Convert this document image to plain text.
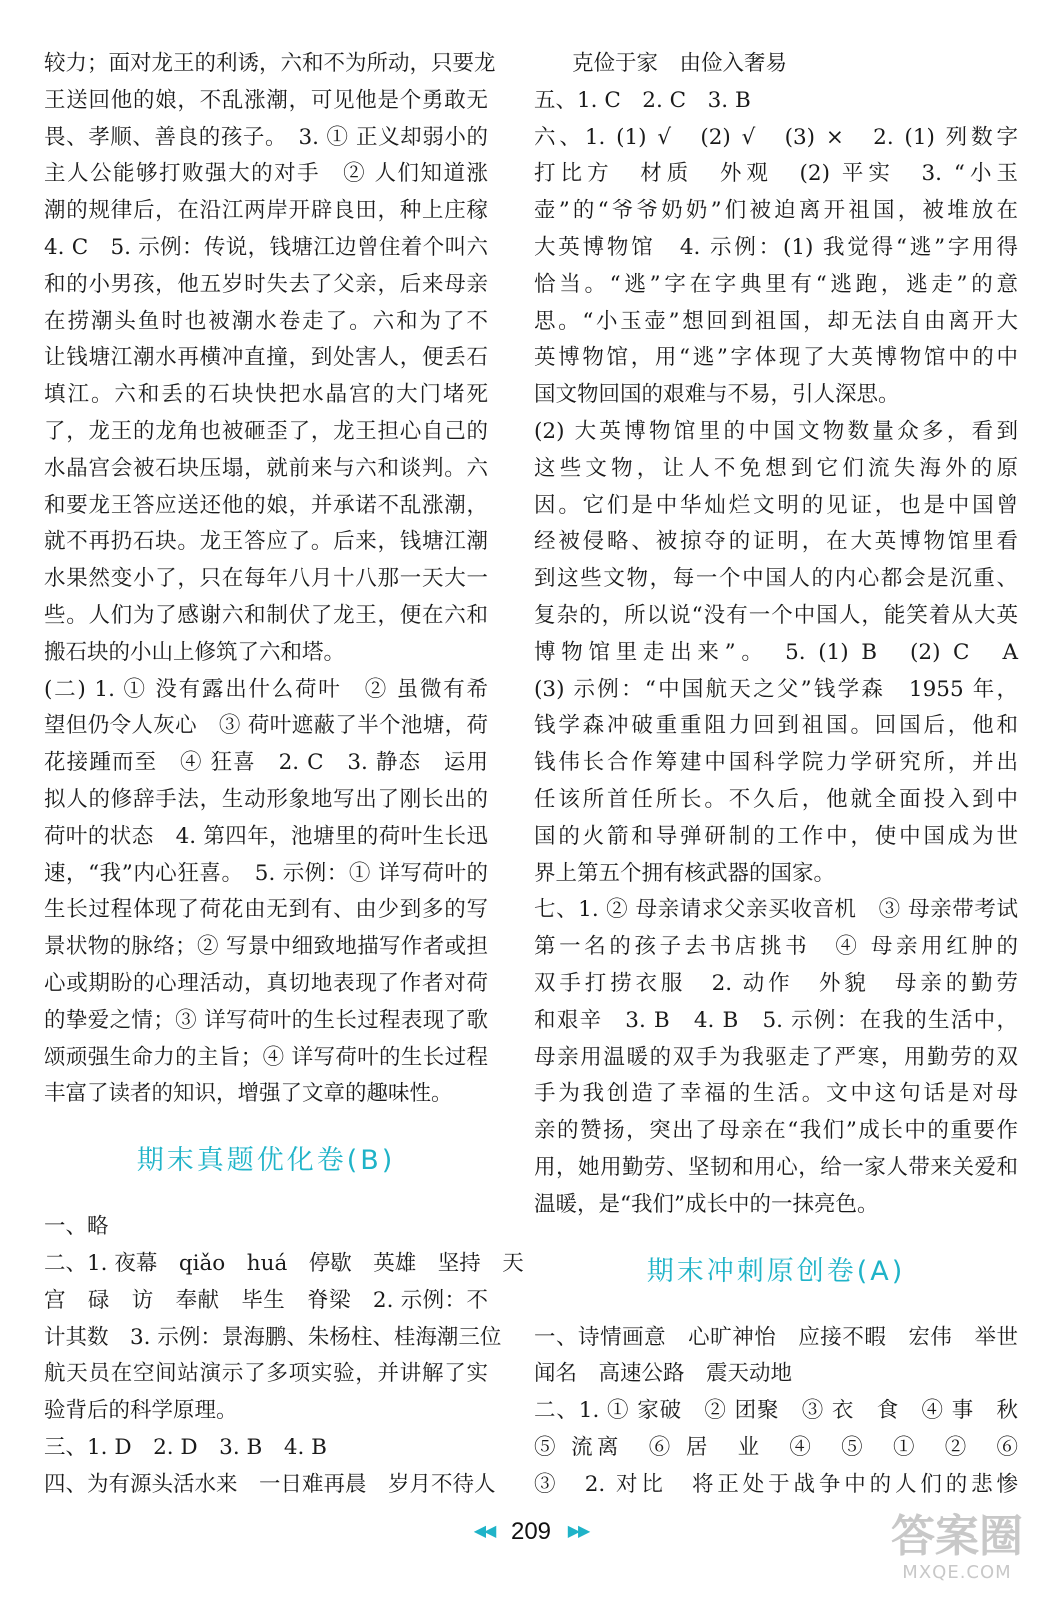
较力；面对龙王的利诱，六和不为所动，只要龙
王送回他的娘，不乱涨潮，可见他是个勇敢无
畏、孝顺、善良的孩子。　3. ① 正义却弱小的
主人公能够打败强大的对手　② 人们知道涨
潮的规律后，在沿江两岸开辟良田，种上庄稼
4. C　5. 示例：传说，钱塘江边曾住着个叫六
和的小男孩，他五岁时失去了父亲，后来母亲
在捞潮头鱼时也被潮水卷走了。六和为了不
让钱塘江潮水再横冲直撞，到处害人，便丢石
填江。六和丢的石块快把水晶宫的大门堵死
了，龙王的龙角也被砸歪了，龙王担心自己的
水晶宫会被石块压塌，就前来与六和谈判。六
和要龙王答应送还他的娘，并承诺不乱涨潮，
就不再扔石块。龙王答应了。后来，钱塘江潮
水果然变小了，只在每年八月十八那一天大一
些。人们为了感谢六和制伏了龙王，便在六和
搬石块的小山上修筑了六和塔。
(二) 1. ① 没有露出什么荷叶　② 虽微有希
望但仍令人灰心　③ 荷叶遮蔽了半个池塘，荷
花接踵而至　④ 狂喜　2. C　3. 静态　运用
拟人的修辞手法，生动形象地写出了刚长出的
荷叶的状态　4. 第四年，池塘里的荷叶生长迅
速，“我”内心狂喜。　5. 示例：① 详写荷叶的
生长过程体现了荷花由无到有、由少到多的写
景状物的脉络；② 写景中细致地描写作者或担
心或期盼的心理活动，真切地表现了作者对荷
的挚爱之情；③ 详写荷叶的生长过程表现了歌
颂顽强生命力的主旨；④ 详写荷叶的生长过程
丰富了读者的知识，增强了文章的趣味性。
期末真题优化卷(B)
一、略
二、1. 夜幕　qiǎo　huá　停歇　英雄　坚持　天
宫　碌　访　奉献　毕生　脊梁　2. 示例：不
计其数　3. 示例：景海鹏、朱杨柱、桂海潮三位
航天员在空间站演示了多项实验，并讲解了实
验背后的科学原理。
三、1. D　2. D　3. B　4. B
四、为有源头活水来　一日难再晨　岁月不待人
克俭于家　由俭入奢易
五、1. C　2. C　3. B
六、1. (1) √　(2) √　(3) ×　2. (1) 列数字
打比方　材质　外观　(2) 平实　3. “小玉
壶”的“爷爷奶奶”们被迫离开祖国，被堆放在
大英博物馆　4. 示例：(1) 我觉得“逃”字用得
恰当。“逃”字在字典里有“逃跑，逃走”的意
思。“小玉壶”想回到祖国，却无法自由离开大
英博物馆，用“逃”字体现了大英博物馆中的中
国文物回国的艰难与不易，引人深思。
(2) 大英博物馆里的中国文物数量众多，看到
这些文物，让人不免想到它们流失海外的原
因。它们是中华灿烂文明的见证，也是中国曾
经被侵略、被掠夺的证明，在大英博物馆里看
到这些文物，每一个中国人的内心都会是沉重、
复杂的，所以说“没有一个中国人，能笑着从大英
博物馆里走出来”。　5. (1) B　(2) C　A
(3) 示例：“中国航天之父”钱学森　1955 年，
钱学森冲破重重阻力回到祖国。回国后，他和
钱伟长合作筹建中国科学院力学研究所，并出
任该所首任所长。不久后，他就全面投入到中
国的火箭和导弹研制的工作中，使中国成为世
界上第五个拥有核武器的国家。
七、1. ② 母亲请求父亲买收音机　③ 母亲带考试
第一名的孩子去书店挑书　④ 母亲用红肿的
双手打捞衣服　2. 动作　外貌　母亲的勤劳
和艰辛　3. B　4. B　5. 示例：在我的生活中，
母亲用温暖的双手为我驱走了严寒，用勤劳的双
手为我创造了幸福的生活。文中这句话是对母
亲的赞扬，突出了母亲在“我们”成长中的重要作
用，她用勤劳、坚韧和用心，给一家人带来关爱和
温暖，是“我们”成长中的一抹亮色。
期末冲刺原创卷(A)
一、诗情画意　心旷神怡　应接不暇　宏伟　举世
闻名　高速公路　震天动地
二、1. ① 家破　② 团聚　③ 衣　食　④ 事　秋
⑤ 流离　⑥ 居　业　④　⑤　①　②　⑥
③　2. 对比　将正处于战争中的人们的悲惨
◀◀ 209 ▶▶	答案圈
MXQE.COM
